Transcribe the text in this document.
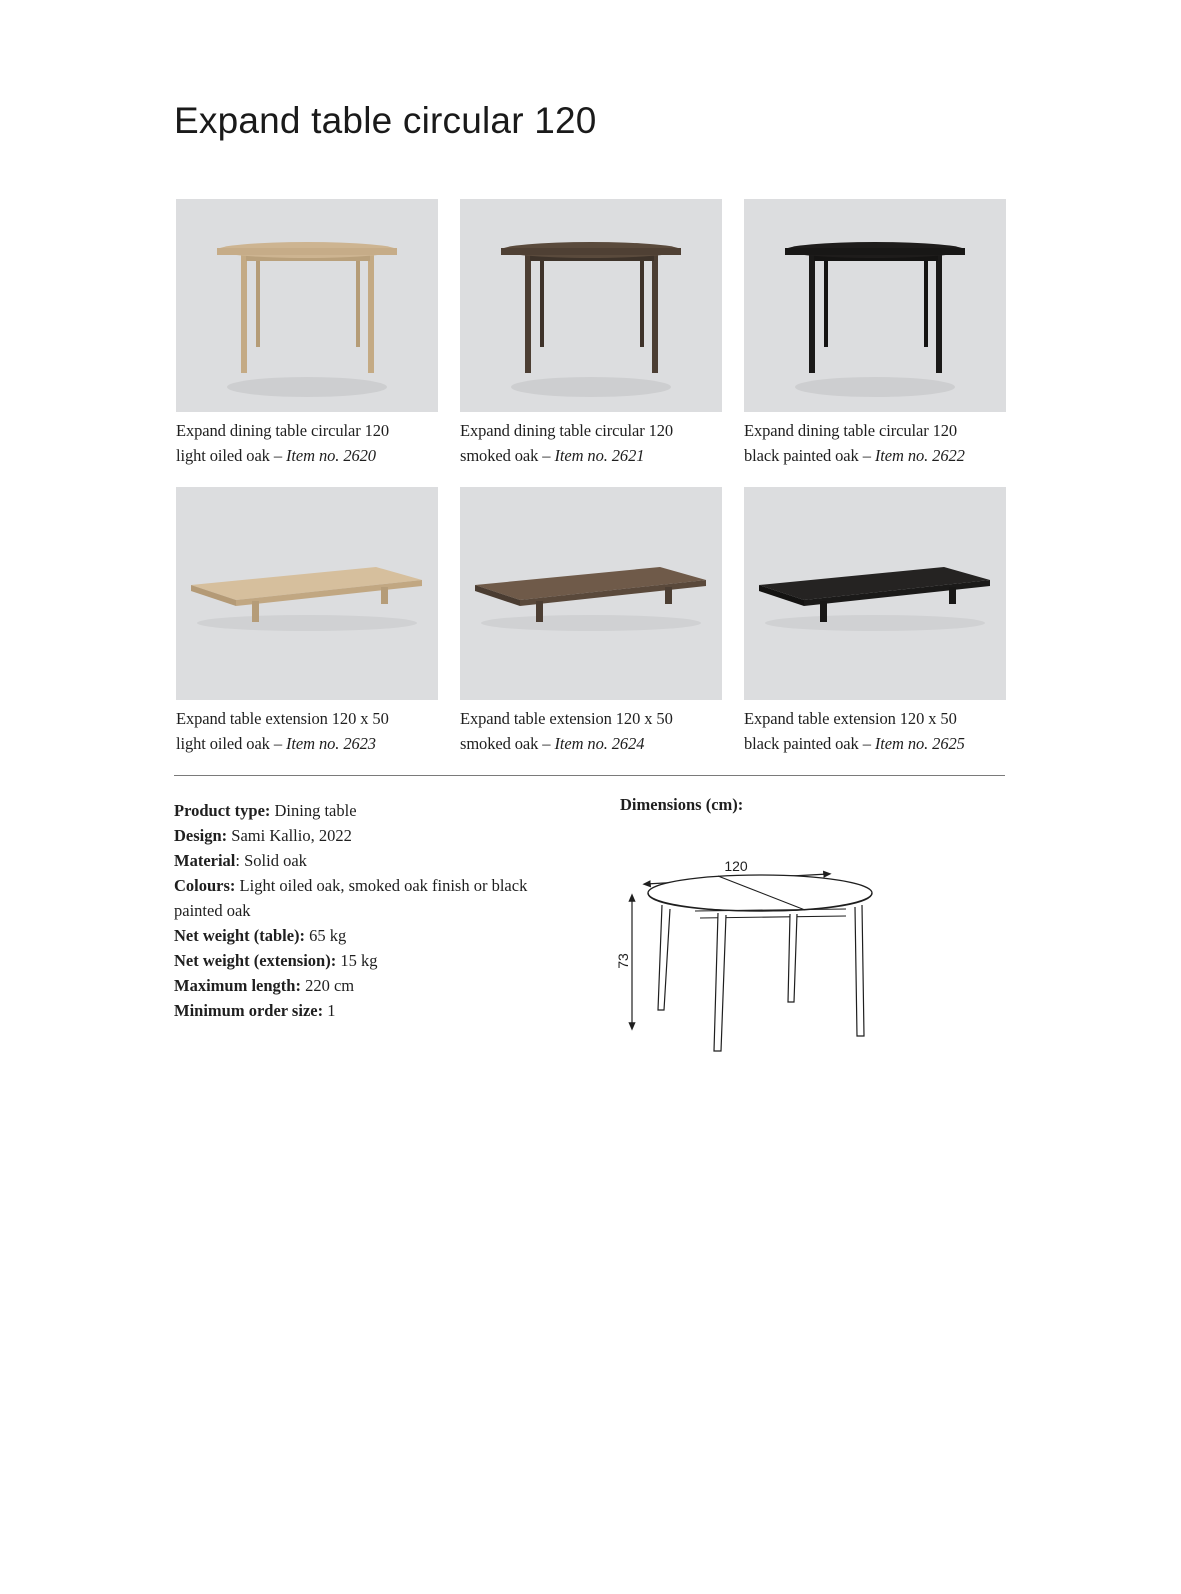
Expand table circular 120
Expand dining table circular 120
light oiled oak – Item no. 2620
Expand dining table circular 120
smoked oak – Item no. 2621
Expand dining table circular 120
black painted oak – Item no. 2622
Expand table extension 120 x 50
light oiled oak – Item no. 2623
Expand table extension 120 x 50
smoked oak – Item no. 2624
Expand table extension 120 x 50
black painted oak – Item no. 2625
Product type: Dining table
Design: Sami Kallio, 2022
Material: Solid oak
Colours: Light oiled oak, smoked oak finish or black painted oak
Net weight (table): 65 kg
Net weight (extension): 15 kg
Maximum length: 220 cm
Minimum order size: 1
Dimensions (cm):
120
73
